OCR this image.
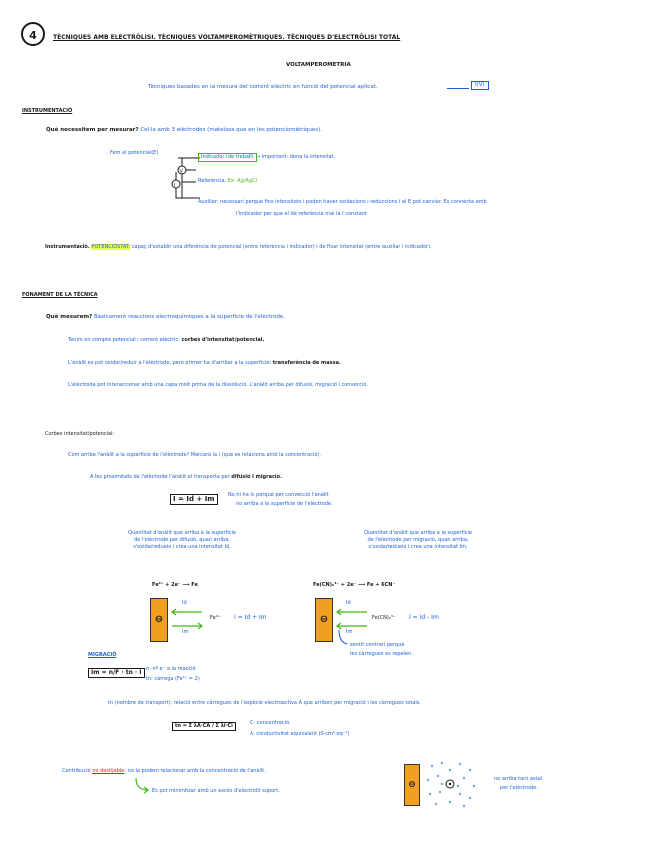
4	TÈCNIQUES AMB ELECTRÒLISI. TÈCNIQUES VOLTAMPEROMÈTRIQUES. TÈCNIQUES D'ELECTRÒLISI TOTAL
VOLTAMPEROMETRIA
Tècniques basades en la mesura del corrent elèctric en funció del potencial aplicat.	I(V)
INSTRUMENTACIÓ
Què necessitem per mesurar? Cel·la amb 3 elèctrodes (mateixos que en les potenciomètriques).
Fem el potencial(E)
V
I
Indicador (de treball) → important: dona la intensitat.
Referència. Ex: Ag/AgCl
Auxiliar: necessari perquè fins intensitats i poden haver oxidacions i reduccions i el E pot canviar. Es connecta amb
l'indicador per que el de referència mai la I constant
Instrumentació. POTENCIÒSTAT: capaç d'establir una diferència de potencial (entre referència i indicador) i de fixar intensitat (entre auxiliar i indicador).
FONAMENT DE LA TÈCNICA
Què mesurem? Bàsicament reaccions electroquímiques a la superfície de l'elèctrode.
Tenim en compte potencial i corrent elèctric: corbes d'intensitat/potencial.
L'anàlit es pot oxidar/reduir a l'elèctrode, però primer ha d'arribar a la superfície: transferència de massa.
L'elèctrode pot interaccionar amb una capa molt prima de la dissolució. L'anàlit arriba per difusió, migració i convecció.
Corbes intensitat/potencial:
Com arriba l'anàlit a la superfície de l'elèctrode? Marcarà la I (que es relaciona amb la concentració).
A les proximitats de l'elèctrode l'anàlit el transporta per difusió i migració.
I = Id + Im	No hi ha Ic perquè per convecció l'anàlit
no arriba a la superfície de l'elèctrode.
Quantitat d'anàlit que arriba a la superfície
de l'elèctrode per difusió, quan arriba,
s'oxida/redueix i crea una intensitat Id.
Quantitat d'anàlit que arriba a la superfície
de l'elèctrode per migració, quan arriba,
s'oxida/redueix i crea una intensitat Im.
Fe²⁺ + 2e⁻ ⟶ Fe	Fe(CN)₆³⁻ + 2e⁻ ⟶ Fe + 6CN⁻
⊖
Id
Im
Fe²⁺ I = Id + Im	⊖
Id
Im
Fe(CN)₆³⁻ I = Id - Im
sentit contrari perquè
les càrregues es repelen.
MIGRACIÓ
Im = n/F · tn · I n: nº e⁻ a la reacció
tn: càrrega (Fe²⁺ = 2)
tn (nombre de transport): relació entre càrregues de l'espècie electroactiva A que arriben per migració i les càrregues totals.
tn = Σ λA·CA / Σ λi·Ci	C: concentració.
λ: conductivitat equivalent (S·cm²·eq⁻¹)
Contribució no desitjable: no la podem relacionar amb la concentració de l'anàlit.
Es pot minimitzar amb un excés d'electròlit suport.
⊖
no arriba tant aviat
per l'elèctrode.
